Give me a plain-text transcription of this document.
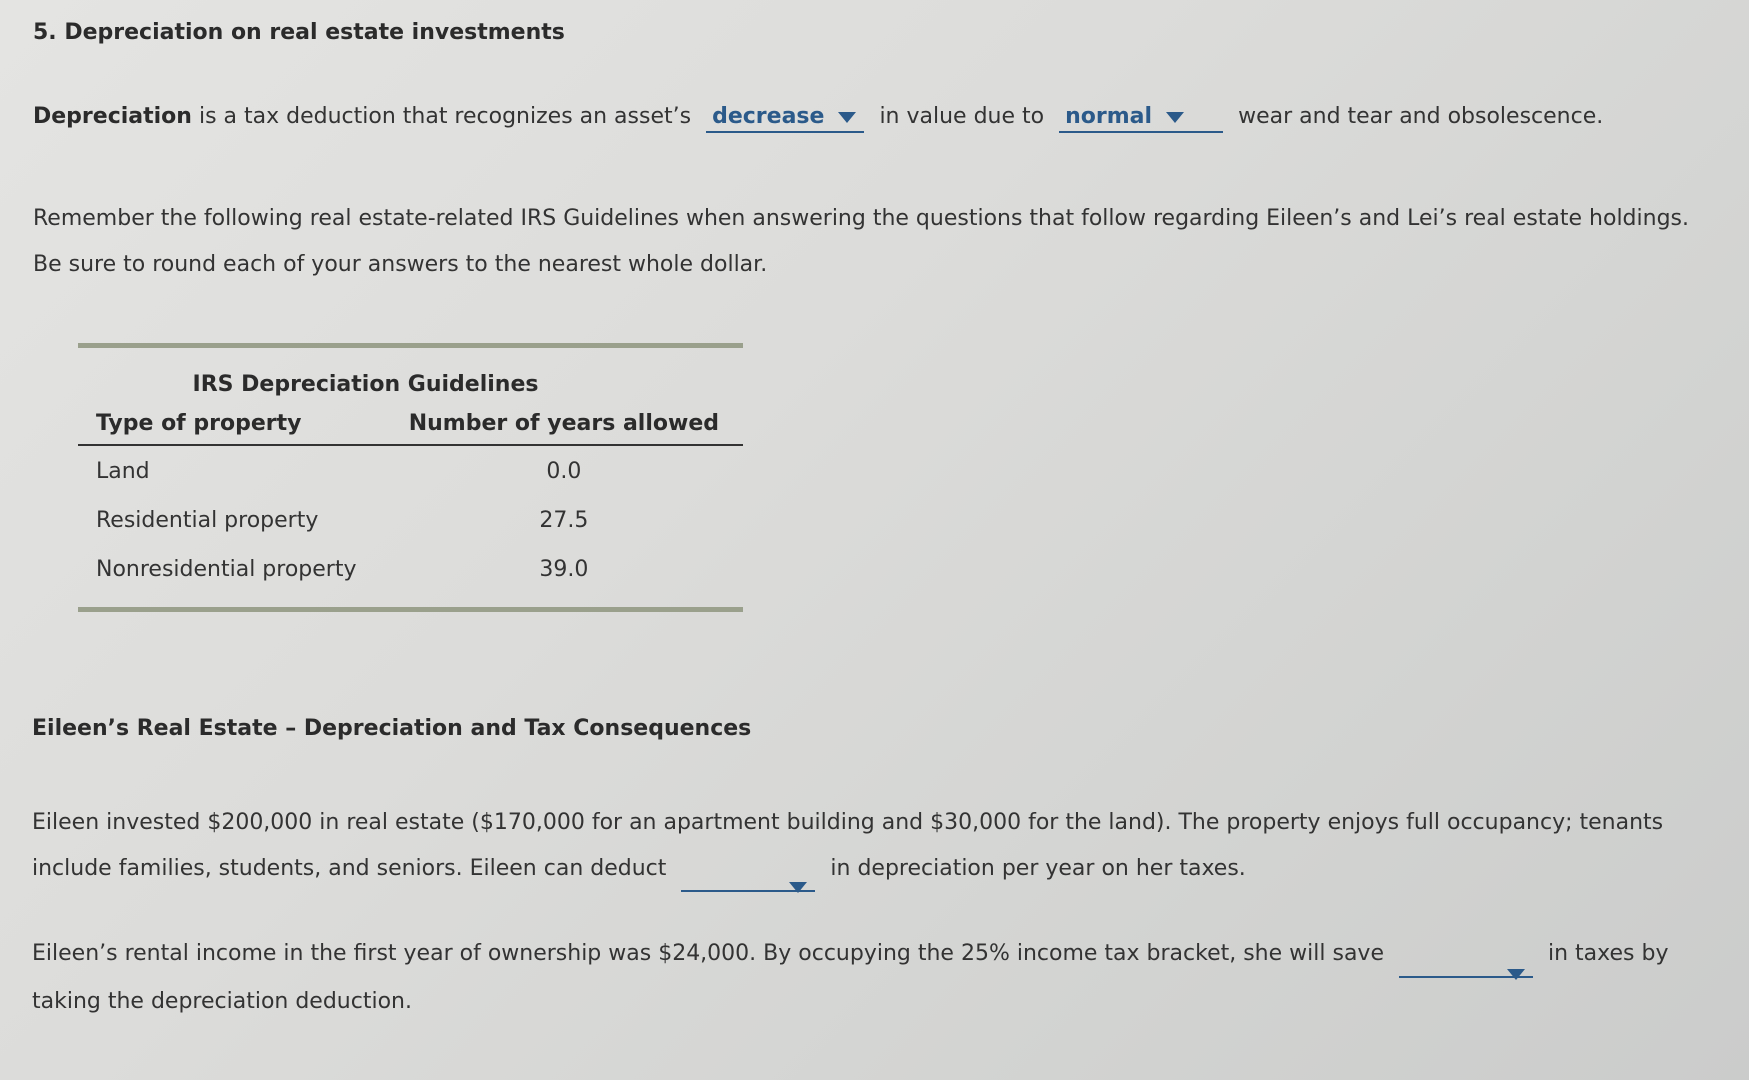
5. Depreciation on real estate investments
Depreciation is a tax deduction that recognizes an asset’s decrease	in value due to normal	wear and tear and obsolescence.
Remember the following real estate-related IRS Guidelines when answering the questions that follow regarding Eileen’s and Lei’s real estate holdings.
Be sure to round each of your answers to the nearest whole dollar.
IRS Depreciation Guidelines
Type of property	Number of years allowed
Land	0.0
Residential property	27.5
Nonresidential property	39.0
Eileen’s Real Estate – Depreciation and Tax Consequences
Eileen invested $200,000 in real estate ($170,000 for an apartment building and $30,000 for the land). The property enjoys full occupancy; tenants
include families, students, and seniors. Eileen can deduct	in depreciation per year on her taxes.
Eileen’s rental income in the first year of ownership was $24,000. By occupying the 25% income tax bracket, she will save	in taxes by
taking the depreciation deduction.
